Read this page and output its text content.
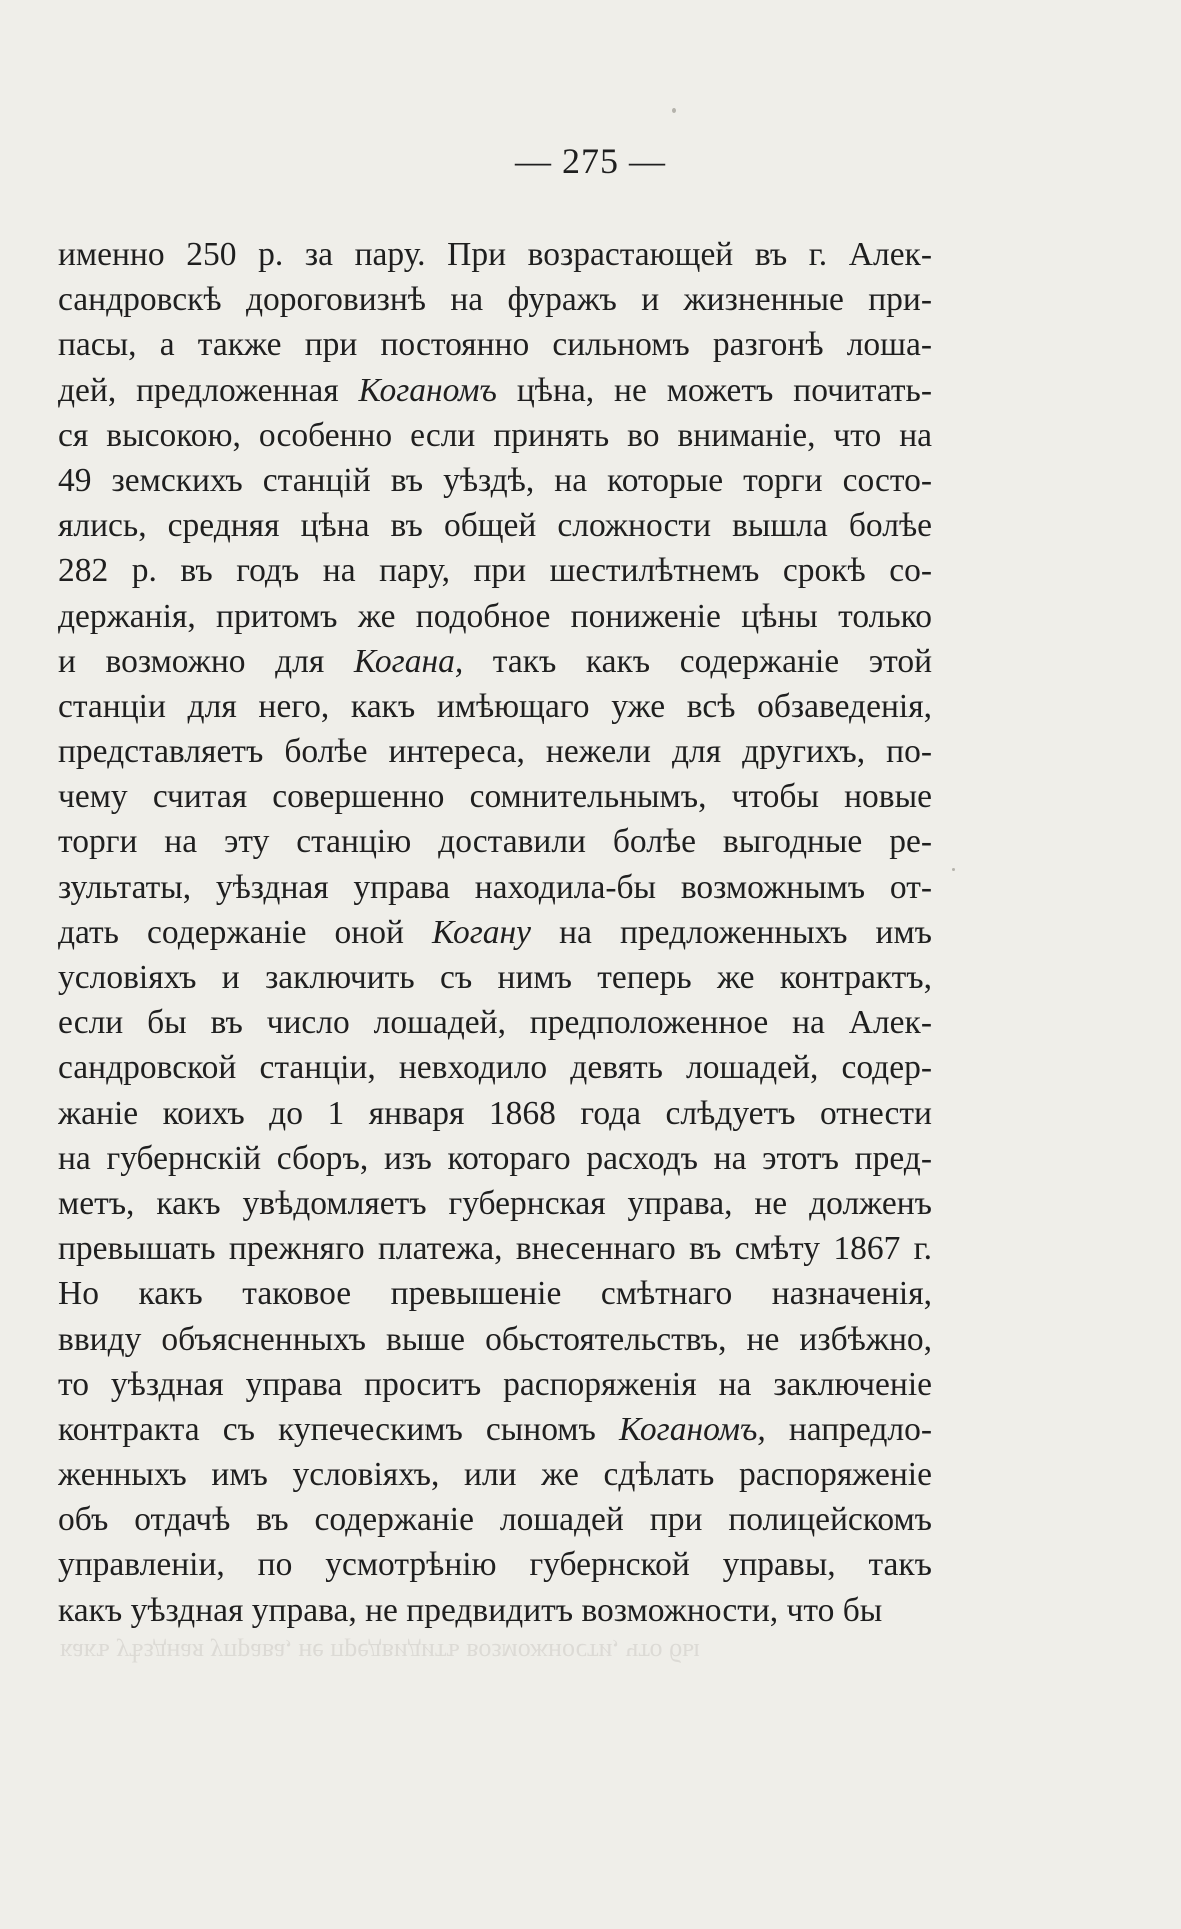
— 275 —
именно 250 р. за пару. При возрастающей въ г. Алек-
сандровскѣ дороговизнѣ на фуражъ и жизненные при-
пасы, а также при постоянно сильномъ разгонѣ лоша-
дей, предложенная Коганомъ цѣна, не можетъ почитать-
ся высокою, особенно если принять во вниманіе, что на
49 земскихъ станцій въ уѣздѣ, на которые торги состо-
ялись, средняя цѣна въ общей сложности вышла болѣе
282 р. въ годъ на пару, при шестилѣтнемъ срокѣ со-
держанія, притомъ же подобное пониженіе цѣны только
и возможно для Когана, такъ какъ содержаніе этой
станціи для него, какъ имѣющаго уже всѣ обзаведенія,
представляетъ болѣе интереса, нежели для другихъ, по-
чему считая совершенно сомнительнымъ, чтобы новые
торги на эту станцію доставили болѣе выгодные ре-
зультаты, уѣздная управа находила-бы возможнымъ от-
дать содержаніе оной Когану на предложенныхъ имъ
условіяхъ и заключить съ нимъ теперь же контрактъ,
если бы въ число лошадей, предположенное на Алек-
сандровской станціи, невходило девять лошадей, содер-
жаніе коихъ до 1 января 1868 года слѣдуетъ отнести
на губернскій сборъ, изъ котораго расходъ на этотъ пред-
метъ, какъ увѣдомляетъ губернская управа, не долженъ
превышать прежняго платежа, внесеннаго въ смѣту 1867 г.
Но какъ таковое превышеніе смѣтнаго назначенія,
ввиду объясненныхъ выше обьстоятельствъ, не избѣжно,
то уѣздная управа проситъ распоряженія на заключеніе
контракта съ купеческимъ сыномъ Коганомъ, напредло-
женныхъ имъ условіяхъ, или же сдѣлать распоряженіе
объ отдачѣ въ содержаніе лошадей при полицейскомъ
управленіи, по усмотрѣнію губернской управы, такъ
какъ уѣздная управа, не предвидитъ возможности, что бы
какъ уѣздная управа, не предвидитъ возможности, что бы
